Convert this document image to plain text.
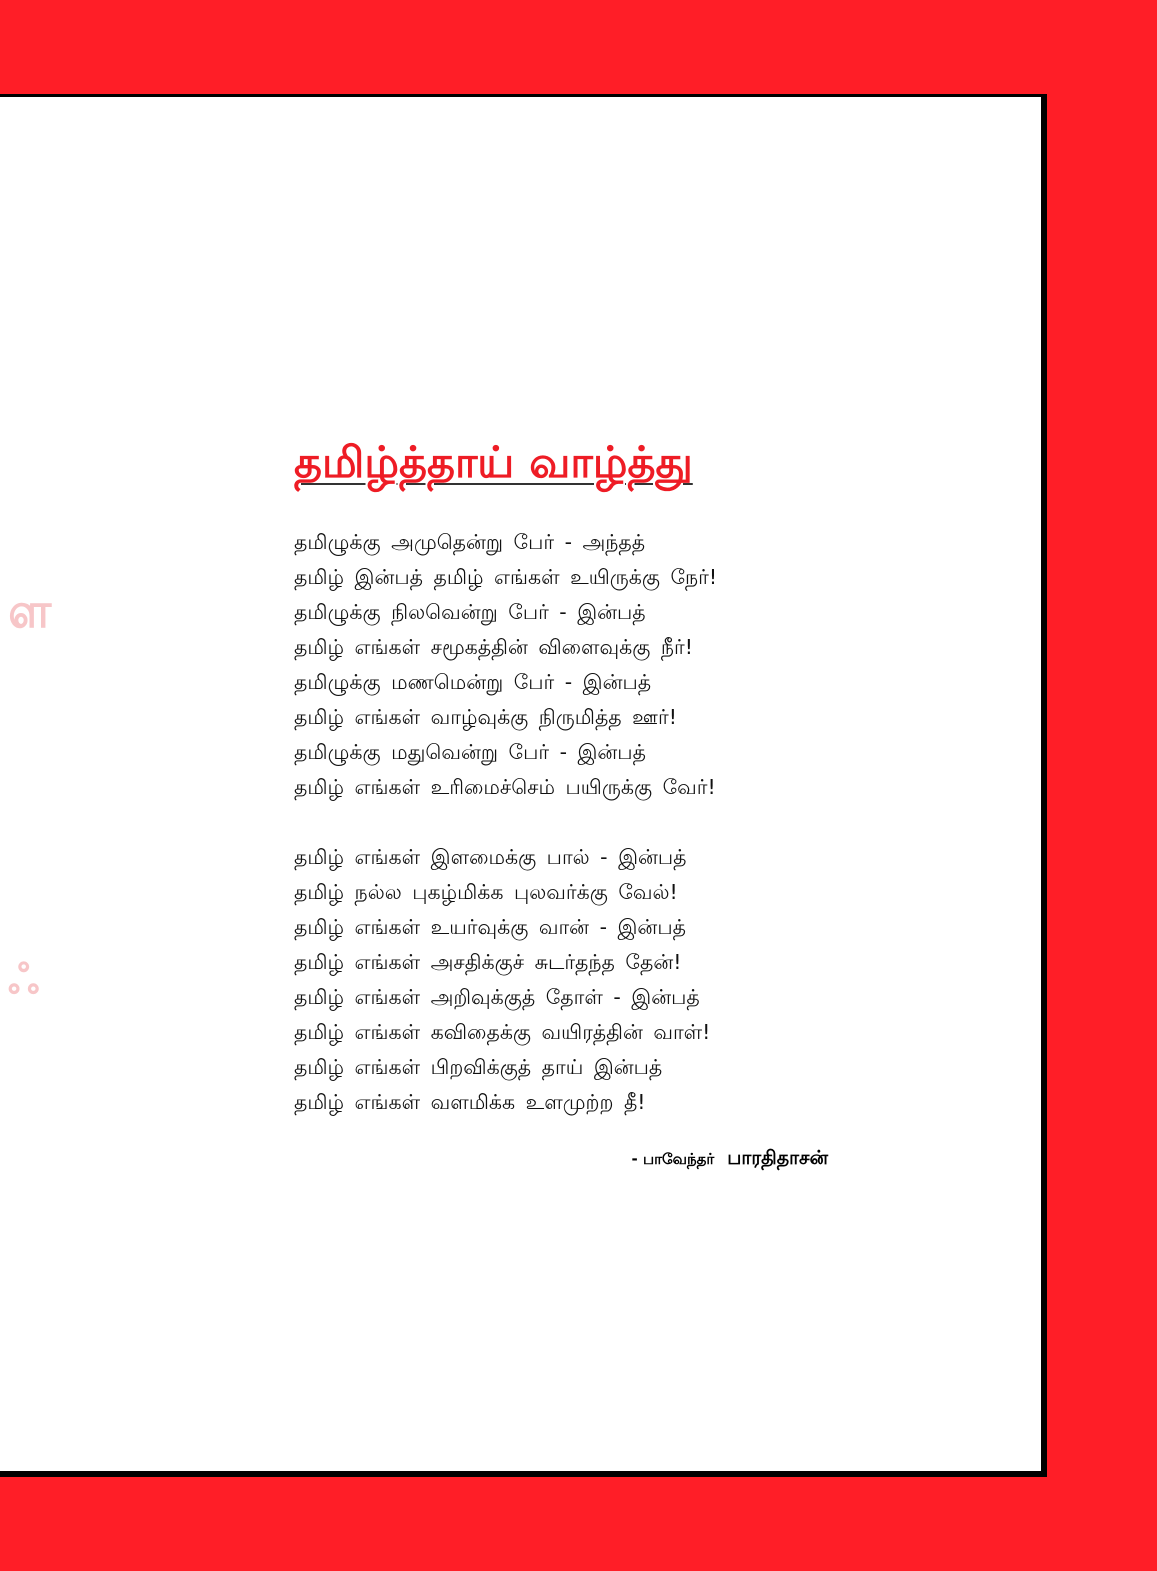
ள
ஃ
தமிழ்த்தாய் வாழ்த்து
தமிழுக்கு அமுதென்று பேர் - அந்தத்
தமிழ் இன்பத் தமிழ் எங்கள் உயிருக்கு நேர்!
தமிழுக்கு நிலவென்று பேர் - இன்பத்
தமிழ் எங்கள் சமூகத்தின் விளைவுக்கு நீர்!
தமிழுக்கு மணமென்று பேர் - இன்பத்
தமிழ் எங்கள் வாழ்வுக்கு நிருமித்த ஊர்!
தமிழுக்கு மதுவென்று பேர் - இன்பத்
தமிழ் எங்கள் உரிமைச்செம் பயிருக்கு வேர்!
தமிழ் எங்கள் இளமைக்கு பால் - இன்பத்
தமிழ் நல்ல புகழ்மிக்க புலவர்க்கு வேல்!
தமிழ் எங்கள் உயர்வுக்கு வான் - இன்பத்
தமிழ் எங்கள் அசதிக்குச் சுடர்தந்த தேன்!
தமிழ் எங்கள் அறிவுக்குத் தோள் - இன்பத்
தமிழ் எங்கள் கவிதைக்கு வயிரத்தின் வாள்!
தமிழ் எங்கள் பிறவிக்குத் தாய் இன்பத்
தமிழ் எங்கள் வளமிக்க உளமுற்ற தீ!
- பாவேந்தர் பாரதிதாசன்
